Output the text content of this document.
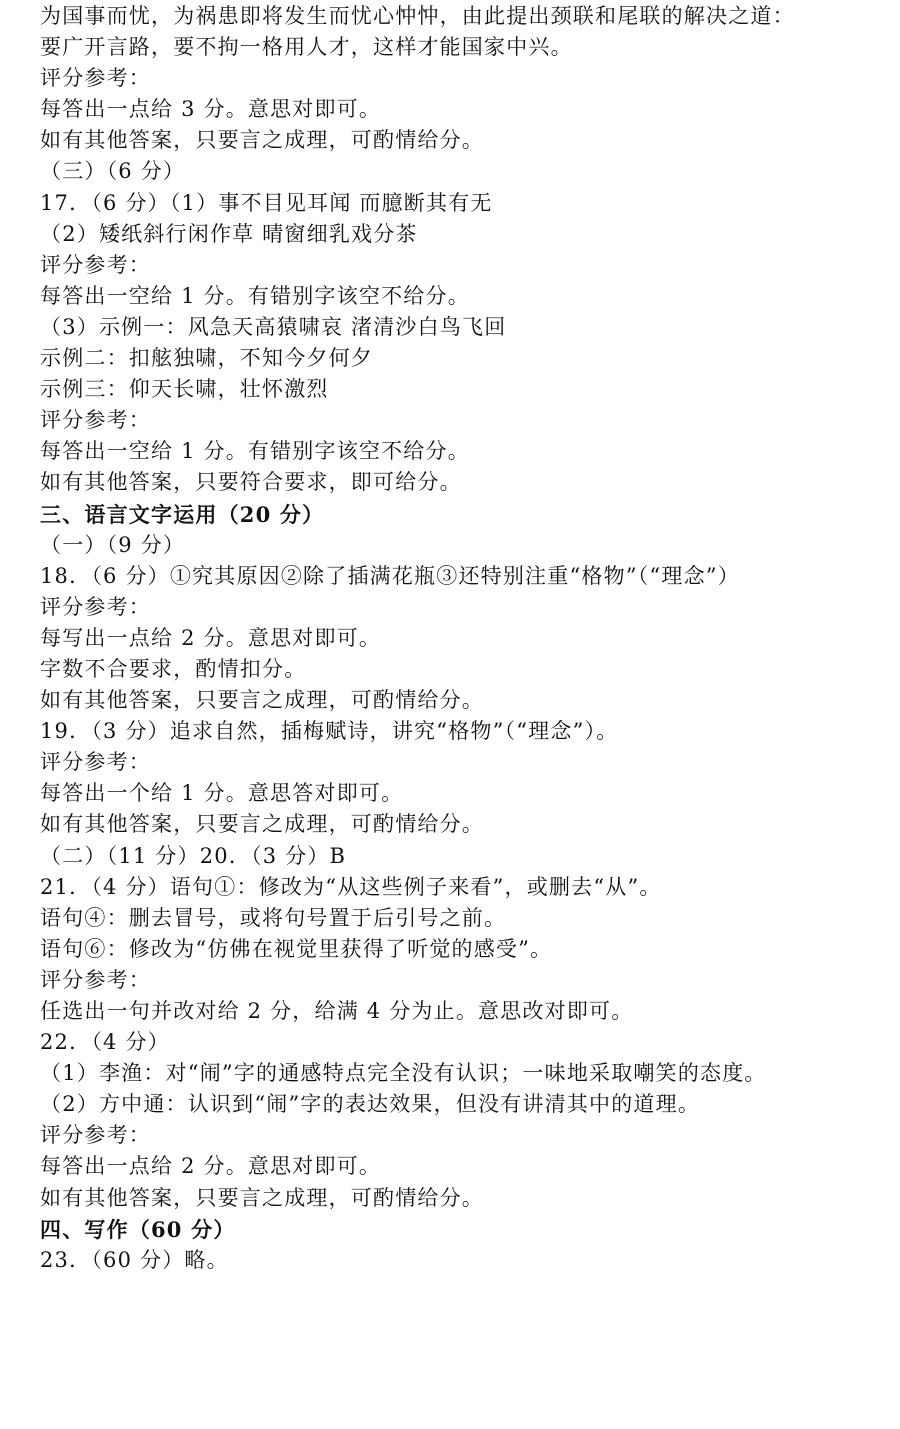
为国事而忧，为祸患即将发生而忧心忡忡，由此提出颈联和尾联的解决之道：
要广开言路，要不拘一格用人才，这样才能国家中兴。
评分参考：
每答出一点给 3 分。意思对即可。
如有其他答案，只要言之成理，可酌情给分。
（三）（6 分）
17．（6 分）（1）事不目见耳闻 而臆断其有无
（2）矮纸斜行闲作草 晴窗细乳戏分茶
评分参考：
每答出一空给 1 分。有错别字该空不给分。
（3）示例一：风急天高猿啸哀 渚清沙白鸟飞回
示例二：扣舷独啸，不知今夕何夕
示例三：仰天长啸，壮怀激烈
评分参考：
每答出一空给 1 分。有错别字该空不给分。
如有其他答案，只要符合要求，即可给分。
三、语言文字运用（20 分）
（一）（9 分）
18．（6 分）①究其原因②除了插满花瓶③还特别注重“格物”（“理念”）
评分参考：
每写出一点给 2 分。意思对即可。
字数不合要求，酌情扣分。
如有其他答案，只要言之成理，可酌情给分。
19．（3 分）追求自然，插梅赋诗，讲究“格物”（“理念”）。
评分参考：
每答出一个给 1 分。意思答对即可。
如有其他答案，只要言之成理，可酌情给分。
（二）（11 分）20．（3 分）B
21．（4 分）语句①：修改为“从这些例子来看”，或删去“从”。
语句④：删去冒号，或将句号置于后引号之前。
语句⑥：修改为“仿佛在视觉里获得了听觉的感受”。
评分参考：
任选出一句并改对给 2 分，给满 4 分为止。意思改对即可。
22．（4 分）
（1）李渔：对“闹”字的通感特点完全没有认识；一味地采取嘲笑的态度。
（2）方中通：认识到“闹”字的表达效果，但没有讲清其中的道理。
评分参考：
每答出一点给 2 分。意思对即可。
如有其他答案，只要言之成理，可酌情给分。
四、写作（60 分）
23．（60 分）略。
